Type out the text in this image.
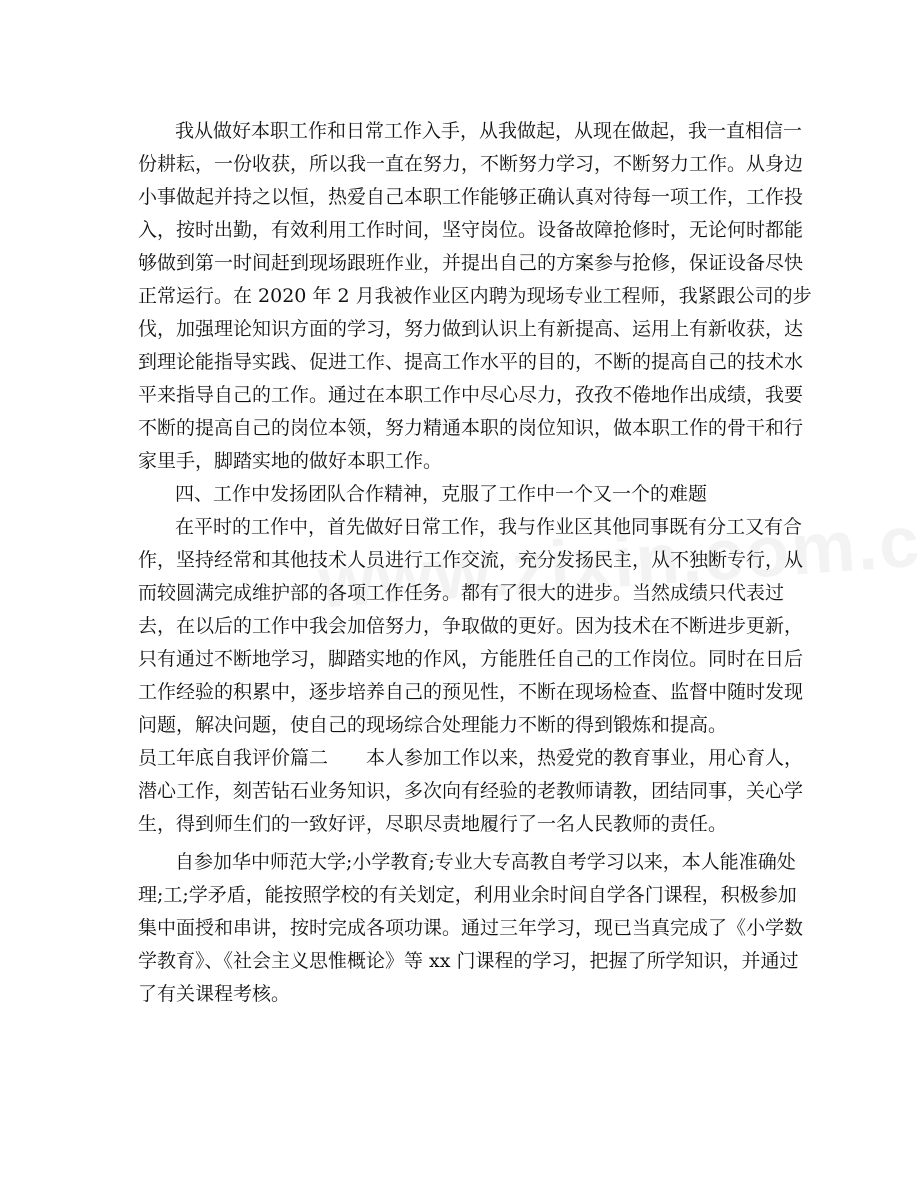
我从做好本职工作和日常工作入手，从我做起，从现在做起，我一直相信一
份耕耘，一份收获，所以我一直在努力，不断努力学习，不断努力工作。从身边
小事做起并持之以恒，热爱自己本职工作能够正确认真对待每一项工作，工作投
入，按时出勤，有效利用工作时间，坚守岗位。设备故障抢修时，无论何时都能
够做到第一时间赶到现场跟班作业，并提出自己的方案参与抢修，保证设备尽快
正常运行。在 2020 年 2 月我被作业区内聘为现场专业工程师，我紧跟公司的步
伐，加强理论知识方面的学习，努力做到认识上有新提高、运用上有新收获，达
到理论能指导实践、促进工作、提高工作水平的目的，不断的提高自己的技术水
平来指导自己的工作。通过在本职工作中尽心尽力，孜孜不倦地作出成绩，我要
不断的提高自己的岗位本领，努力精通本职的岗位知识，做本职工作的骨干和行
家里手，脚踏实地的做好本职工作。
四、工作中发扬团队合作精神，克服了工作中一个又一个的难题
在平时的工作中，首先做好日常工作，我与作业区其他同事既有分工又有合
作，坚持经常和其他技术人员进行工作交流，充分发扬民主，从不独断专行，从
而较圆满完成维护部的各项工作任务。都有了很大的进步。当然成绩只代表过
去，在以后的工作中我会加倍努力，争取做的更好。因为技术在不断进步更新，
只有通过不断地学习，脚踏实地的作风，方能胜任自己的工作岗位。同时在日后
工作经验的积累中，逐步培养自己的预见性，不断在现场检查、监督中随时发现
问题，解决问题，使自己的现场综合处理能力不断的得到锻炼和提高。
员工年底自我评价篇二　　本人参加工作以来，热爱党的教育事业，用心育人，
潜心工作，刻苦钻石业务知识，多次向有经验的老教师请教，团结同事，关心学
生，得到师生们的一致好评，尽职尽责地履行了一名人民教师的责任。
自参加华中师范大学;小学教育;专业大专高教自考学习以来，本人能准确处
理;工;学矛盾，能按照学校的有关划定，利用业余时间自学各门课程，积极参加
集中面授和串讲，按时完成各项功课。通过三年学习，现已当真完成了《小学数
学教育》、《社会主义思惟概论》等 xx 门课程的学习，把握了所学知识，并通过
了有关课程考核。
